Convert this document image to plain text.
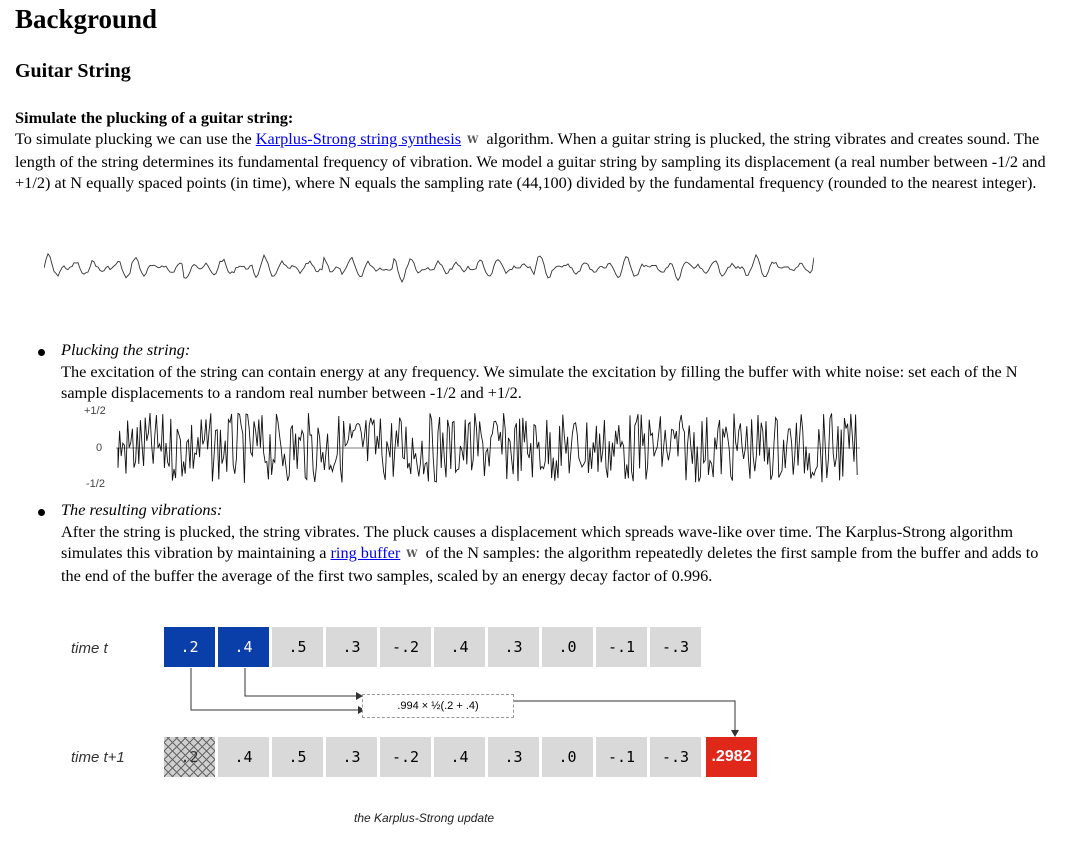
Background
Guitar String
Simulate the plucking of a guitar string:
To simulate plucking we can use the Karplus-Strong string synthesis W algorithm. When a guitar string is plucked, the string vibrates and creates sound. The length of the string determines its fundamental frequency of vibration. We model a guitar string by sampling its displacement (a real number between -1/2 and +1/2) at N equally spaced points (in time), where N equals the sampling rate (44,100) divided by the fundamental frequency (rounded to the nearest integer).
Plucking the string:
The excitation of the string can contain energy at any frequency. We simulate the excitation by filling the buffer with white noise: set each of the N sample displacements to a random real number between -1/2 and +1/2.
+1/2
0
-1/2
The resulting vibrations:
After the string is plucked, the string vibrates. The pluck causes a displacement which spreads wave-like over time. The Karplus-Strong algorithm simulates this vibration by maintaining a ring buffer W of the N samples: the algorithm repeatedly deletes the first sample from the buffer and adds to the end of the buffer the average of the first two samples, scaled by an energy decay factor of 0.996.
time t
time t+1
.2	.4	.5	.3	-.2	.4	.3	.0	-.1	-.3
.994 × ½(.2 + .4)
.2	.4	.5	.3	-.2	.4	.3	.0	-.1	-.3	.2982
the Karplus-Strong update
